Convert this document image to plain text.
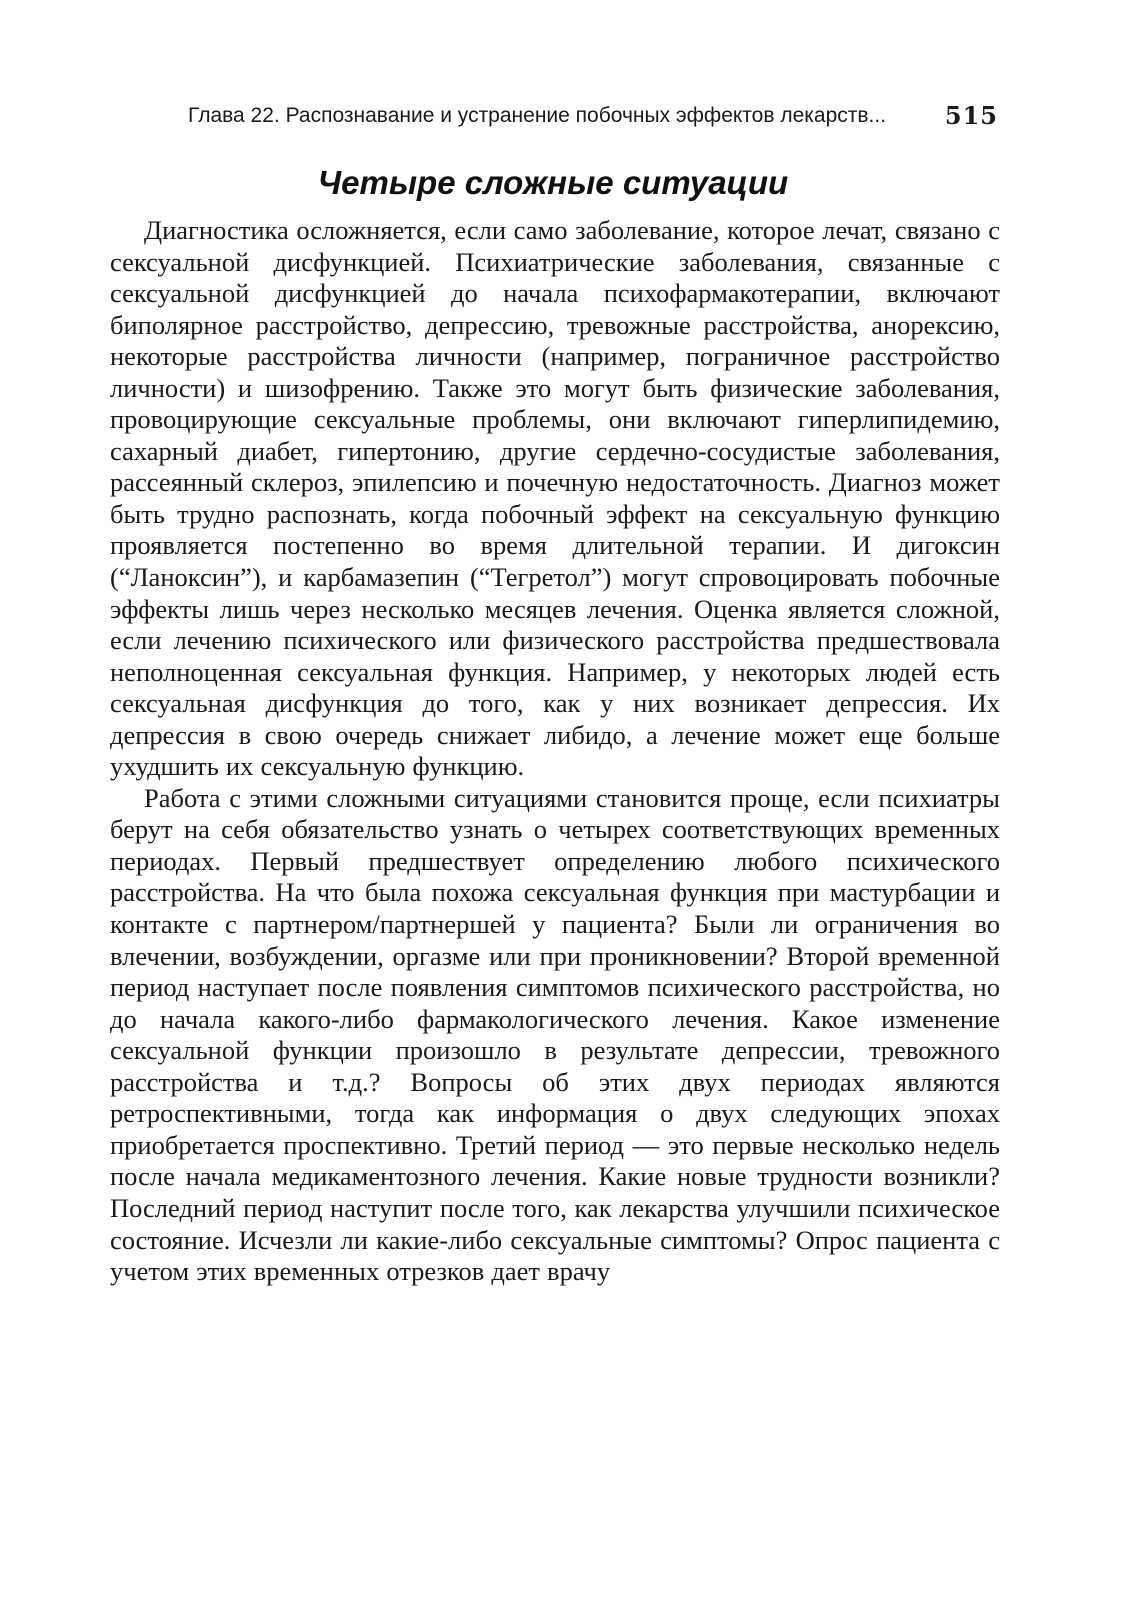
Глава 22. Распознавание и устранение побочных эффектов лекарств... 515
Четыре сложные ситуации

Диагностика осложняется, если само заболевание, которое лечат, связано с сексуальной дисфункцией. Психиатрические заболевания, связанные с сексуальной дисфункцией до начала психофармакотерапии, включают биполярное расстройство, депрессию, тревожные расстройства, анорексию, некоторые расстройства личности (например, пограничное расстройство личности) и шизофрению. Также это могут быть физические заболевания, провоцирующие сексуальные проблемы, они включают гиперлипидемию, сахарный диабет, гипертонию, другие сердечно-сосудистые заболевания, рассеянный склероз, эпилепсию и почечную недостаточность. Диагноз может быть трудно распознать, когда побочный эффект на сексуальную функцию проявляется постепенно во время длительной терапии. И дигоксин (“Ланоксин”), и карбамазепин (“Тегретол”) могут спровоцировать побочные эффекты лишь через несколько месяцев лечения. Оценка является сложной, если лечению психического или физического расстройства предшествовала неполноценная сексуальная функция. Например, у некоторых людей есть сексуальная дисфункция до того, как у них возникает депрессия. Их депрессия в свою очередь снижает либидо, а лечение может еще больше ухудшить их сексуальную функцию.

Работа с этими сложными ситуациями становится проще, если психиатры берут на себя обязательство узнать о четырех соответствующих временных периодах. Первый предшествует определению любого психического расстройства. На что была похожа сексуальная функция при мастурбации и контакте с партнером/партнершей у пациента? Были ли ограничения во влечении, возбуждении, оргазме или при проникновении? Второй временной период наступает после появления симптомов психического расстройства, но до начала какого-либо фармакологического лечения. Какое изменение сексуальной функции произошло в результате депрессии, тревожного расстройства и т.д.? Вопросы об этих двух периодах являются ретроспективными, тогда как информация о двух следующих эпохах приобретается проспективно. Третий период — это первые несколько недель после начала медикаментозного лечения. Какие новые трудности возникли? Последний период наступит после того, как лекарства улучшили психическое состояние. Исчезли ли какие-либо сексуальные симптомы? Опрос пациента с учетом этих временных отрезков дает врачу
